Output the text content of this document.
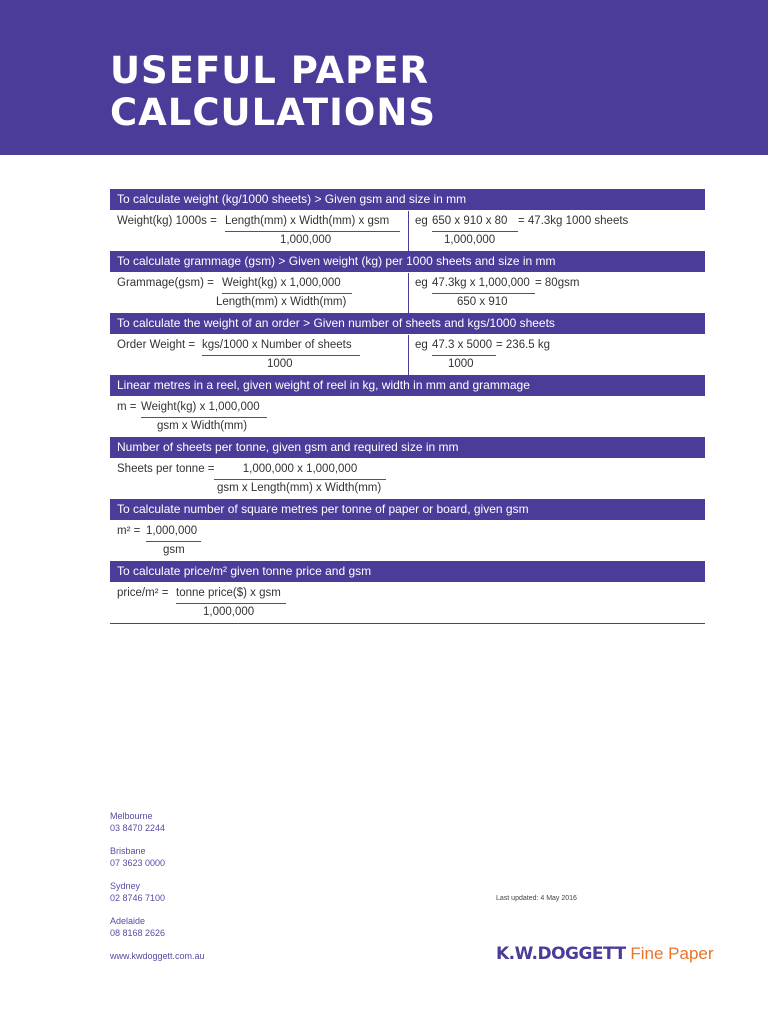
USEFUL PAPER
CALCULATIONS
To calculate weight (kg/1000 sheets) > Given gsm and size in mm
Weight(kg) 1000s = Length(mm) x Width(mm) x gsm
1,000,000
eg 650 x 910 x 80 = 47.3kg 1000 sheets
1,000,000
To calculate grammage (gsm) > Given weight (kg) per 1000 sheets and size in mm
Grammage(gsm) = Weight(kg) x 1,000,000
Length(mm) x Width(mm)
eg 47.3kg x 1,000,000 = 80gsm
650 x 910
To calculate the weight of an order > Given number of sheets and kgs/1000 sheets
Order Weight = kgs/1000 x Number of sheets
1000
eg 47.3 x 5000 = 236.5 kg
1000
Linear metres in a reel, given weight of reel in kg, width in mm and grammage
m = Weight(kg) x 1,000,000
gsm x Width(mm)
Number of sheets per tonne, given gsm and required size in mm
Sheets per tonne =	1,000,000 x 1,000,000
gsm x Length(mm) x Width(mm)
To calculate number of square metres per tonne of paper or board, given gsm
m² = 1,000,000
gsm
To calculate price/m² given tonne price and gsm
price/m² = tonne price($) x gsm
1,000,000
Melbourne
03 8470 2244
Brisbane
07 3623 0000
Sydney
02 8746 7100
Adelaide
08 8168 2626
www.kwdoggett.com.au
Last updated: 4 May 2016
K.W.DOGGETT Fine Paper
